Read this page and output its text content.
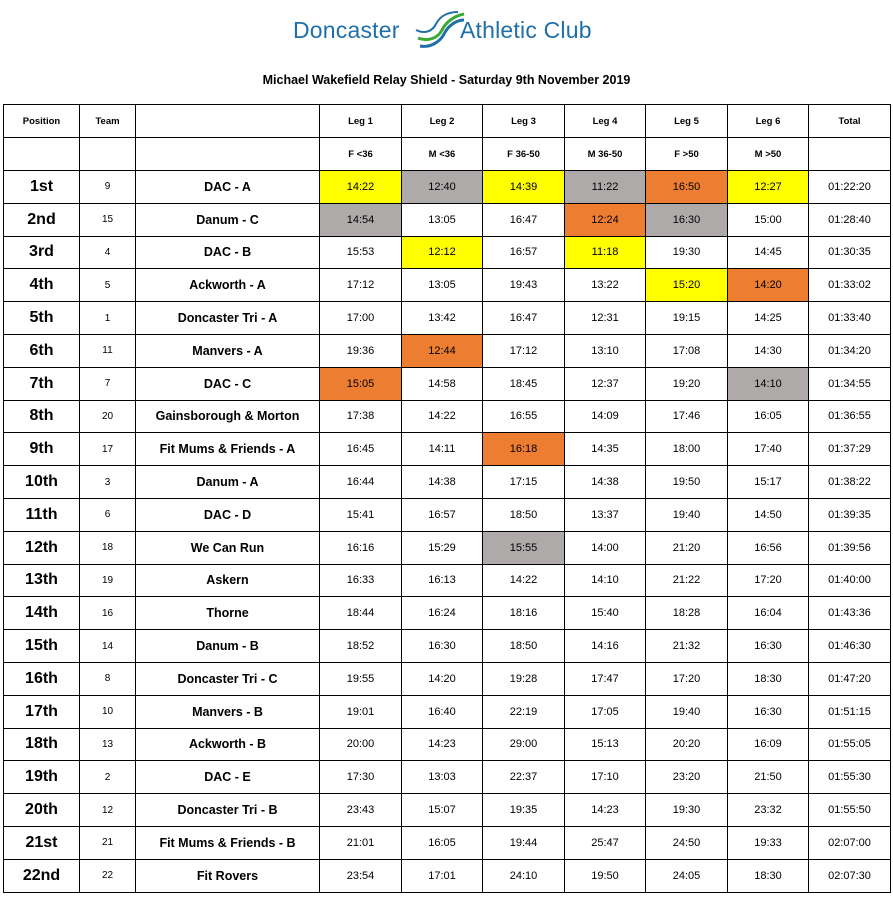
Doncaster	Athletic Club
Michael Wakefield Relay Shield - Saturday 9th November 2019
Position	Team		Leg 1	Leg 2	Leg 3	Leg 4	Leg 5	Leg 6	Total
			F <36	M <36	F 36-50	M 36-50	F >50	M >50	
1st	9	DAC - A	14:22	12:40	14:39	11:22	16:50	12:27	01:22:20
2nd	15	Danum - C	14:54	13:05	16:47	12:24	16:30	15:00	01:28:40
3rd	4	DAC - B	15:53	12:12	16:57	11:18	19:30	14:45	01:30:35
4th	5	Ackworth - A	17:12	13:05	19:43	13:22	15:20	14:20	01:33:02
5th	1	Doncaster Tri - A	17:00	13:42	16:47	12:31	19:15	14:25	01:33:40
6th	11	Manvers - A	19:36	12:44	17:12	13:10	17:08	14:30	01:34:20
7th	7	DAC - C	15:05	14:58	18:45	12:37	19:20	14:10	01:34:55
8th	20	Gainsborough & Morton	17:38	14:22	16:55	14:09	17:46	16:05	01:36:55
9th	17	Fit Mums & Friends - A	16:45	14:11	16:18	14:35	18:00	17:40	01:37:29
10th	3	Danum - A	16:44	14:38	17:15	14:38	19:50	15:17	01:38:22
11th	6	DAC - D	15:41	16:57	18:50	13:37	19:40	14:50	01:39:35
12th	18	We Can Run	16:16	15:29	15:55	14:00	21:20	16:56	01:39:56
13th	19	Askern	16:33	16:13	14:22	14:10	21:22	17:20	01:40:00
14th	16	Thorne	18:44	16:24	18:16	15:40	18:28	16:04	01:43:36
15th	14	Danum - B	18:52	16:30	18:50	14:16	21:32	16:30	01:46:30
16th	8	Doncaster Tri - C	19:55	14:20	19:28	17:47	17:20	18:30	01:47:20
17th	10	Manvers - B	19:01	16:40	22:19	17:05	19:40	16:30	01:51:15
18th	13	Ackworth - B	20:00	14:23	29:00	15:13	20:20	16:09	01:55:05
19th	2	DAC - E	17:30	13:03	22:37	17:10	23:20	21:50	01:55:30
20th	12	Doncaster Tri - B	23:43	15:07	19:35	14:23	19:30	23:32	01:55:50
21st	21	Fit Mums & Friends - B	21:01	16:05	19:44	25:47	24:50	19:33	02:07:00
22nd	22	Fit Rovers	23:54	17:01	24:10	19:50	24:05	18:30	02:07:30
